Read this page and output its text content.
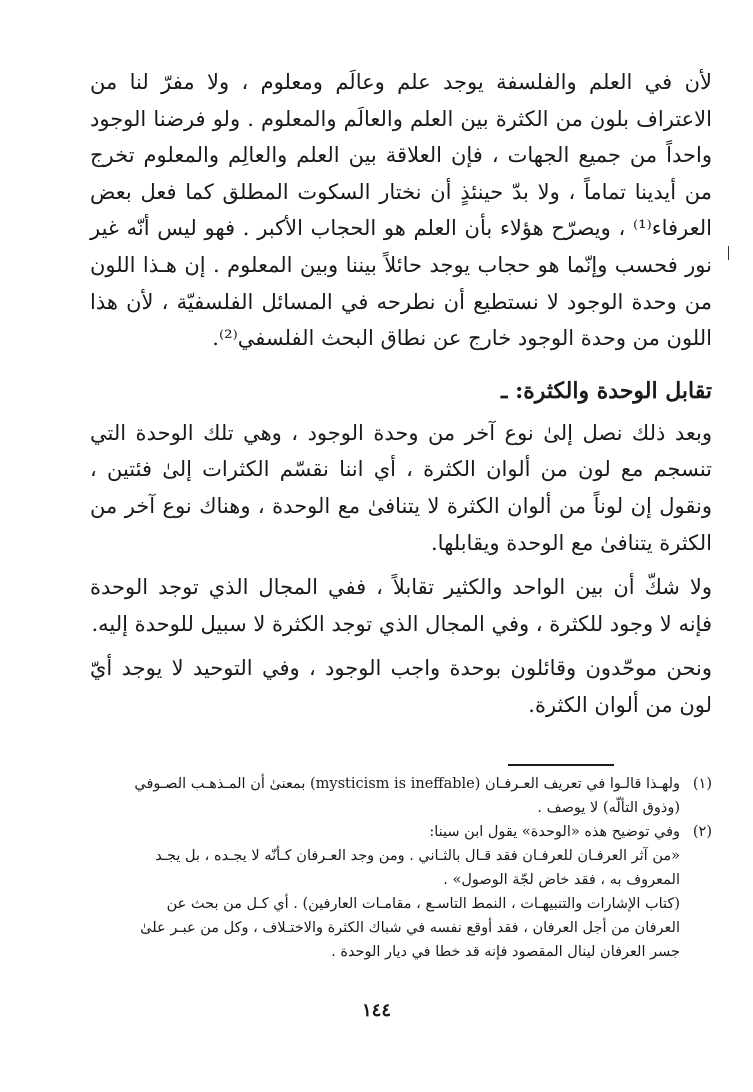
لأن في العلم والفلسفة يوجد علم وعالَم ومعلوم ، ولا مفرّ لنا من الاعتراف بلون من الكثرة بين العلم والعالَم والمعلوم . ولو فرضنا الوجود واحداً من جميع الجهات ، فإن العلاقة بين العلم والعالِم والمعلوم تخرج من أيدينا تماماً ، ولا بدّ حينئذٍ أن نختار السكوت المطلق كما فعل بعض العرفاء⁽¹⁾ ، ويصرّح هؤلاء بأن العلم هو الحجاب الأكبر . فهو ليس أنّه غير نور فحسب وإنّما هو حجاب يوجد حائلاً بيننا وبين المعلوم . إن هـذا اللون من وحدة الوجود لا نستطيع أن نطرحه في المسائل الفلسفيّة ، لأن هذا اللون من وحدة الوجود خارج عن نطاق البحث الفلسفي⁽²⁾.

تقابل الوحدة والكثرة: ـ

وبعد ذلك نصل إلىٰ نوع آخر من وحدة الوجود ، وهي تلك الوحدة التي تنسجم مع لون من ألوان الكثرة ، أي اننا نقسّم الكثرات إلىٰ فئتين ، ونقول إن لوناً من ألوان الكثرة لا يتنافىٰ مع الوحدة ، وهناك نوع آخر من الكثرة يتنافىٰ مع الوحدة ويقابلها.

ولا شكّ أن بين الواحد والكثير تقابلاً ، ففي المجال الذي توجد الوحدة فإنه لا وجود للكثرة ، وفي المجال الذي توجد الكثرة لا سبيل للوحدة إليه.

ونحن موحّدون وقائلون بوحدة واجب الوجود ، وفي التوحيد لا يوجد أيّ لون من ألوان الكثرة.

(١)
ولهـذا قالـوا في تعريف العـرفـان (mysticism is ineffable) بمعنىٰ أن المـذهـب الصـوفي
(وذوق التألّه) لا يوصف .
(٢)
وفي توضيح هذه «الوحدة» يقول ابن سينا:
«من آثر العرفـان للعرفـان فقد قـال بالثـاني . ومن وجد العـرفان كـأنّه لا يجـده ، بل يجـد
المعروف به ، فقد خاض لجّة الوصول» .
(كتاب الإشارات والتنبيهـات ، النمط التاسـع ، مقامـات العارفين) . أي كـل من بحث عن
العرفان من أجل العرفان ، فقد أوقع نفسه في شباك الكثرة والاختـلاف ، وكل من عبـر علىٰ
جسر العرفان لينال المقصود فإنه قد خطا في ديار الوحدة .
١٤٤
